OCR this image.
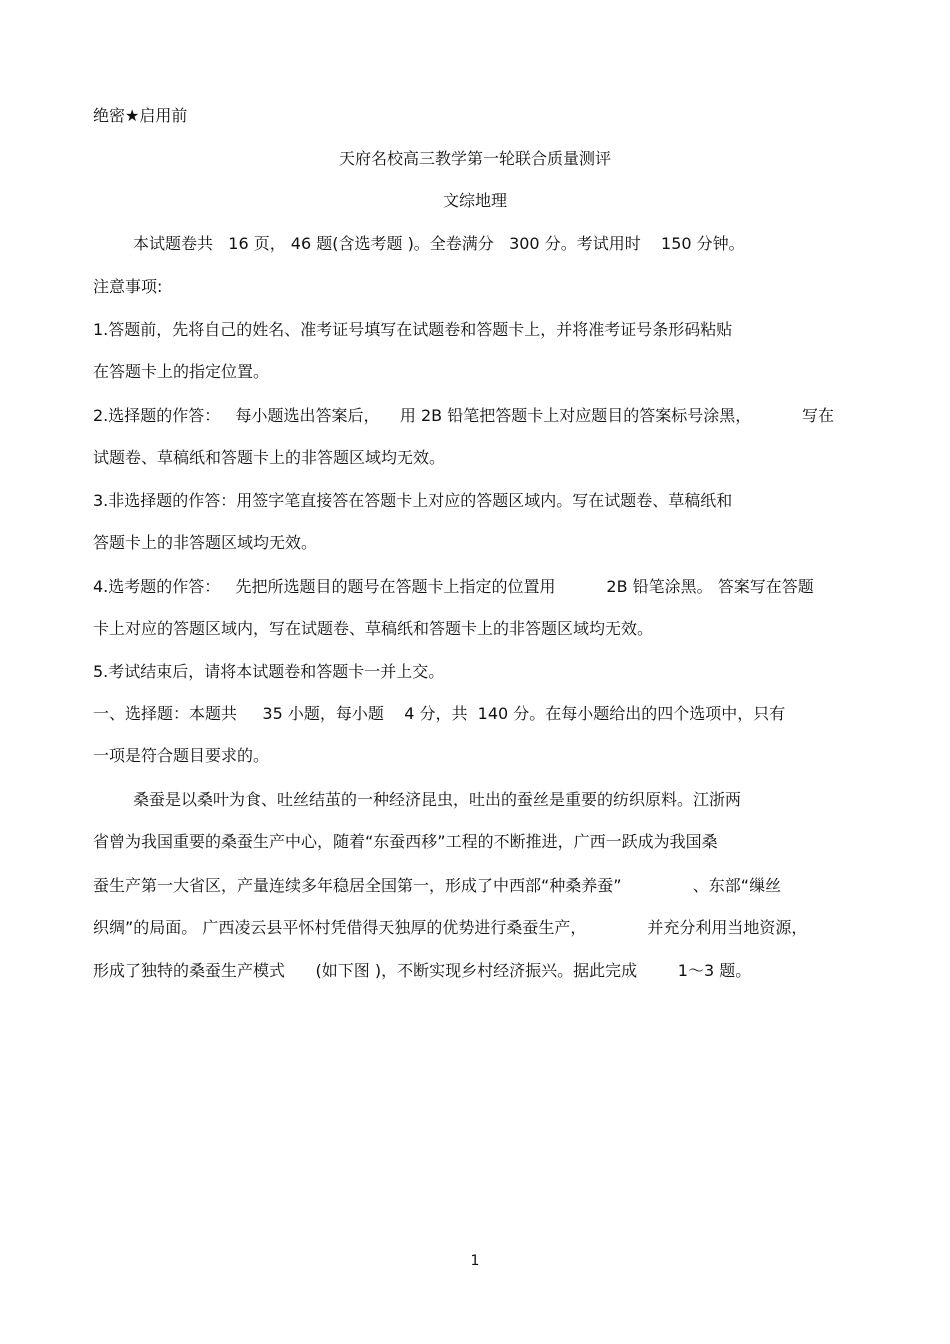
绝密★启用前

天府名校高三教学第一轮联合质量测评

文综地理

本试题卷共   16 页， 46 题(含选考题 )。全卷满分   300 分。考试用时    150 分钟。

注意事项:

1.答题前，先将自己的姓名、准考证号填写在试题卷和答题卡上，并将准考证号条形码粘贴

在答题卡上的指定位置。

2.选择题的作答：   每小题选出答案后，    用 2B 铅笔把答题卡上对应题目的答案标号涂黑，          写在

试题卷、草稿纸和答题卡上的非答题区域均无效。

3.非选择题的作答：用签字笔直接答在答题卡上对应的答题区域内。写在试题卷、草稿纸和

答题卡上的非答题区域均无效。

4.选考题的作答：   先把所选题目的题号在答题卡上指定的位置用          2B 铅笔涂黑。 答案写在答题

卡上对应的答题区域内，写在试题卷、草稿纸和答题卡上的非答题区域均无效。

5.考试结束后，请将本试题卷和答题卡一并上交。

一、选择题：本题共     35 小题，每小题    4 分，共  140 分。在每小题给出的四个选项中，只有

一项是符合题目要求的。

桑蚕是以桑叶为食、吐丝结茧的一种经济昆虫，吐出的蚕丝是重要的纺织原料。江浙两

省曾为我国重要的桑蚕生产中心，随着“东蚕西移”工程的不断推进，广西一跃成为我国桑

蚕生产第一大省区，产量连续多年稳居全国第一，形成了中西部“种桑养蚕”              、东部“缫丝

织绸”的局面。 广西凌云县平怀村凭借得天独厚的优势进行桑蚕生产，            并充分利用当地资源，

形成了独特的桑蚕生产模式      (如下图 )，不断实现乡村经济振兴。据此完成        1～3 题。

1
